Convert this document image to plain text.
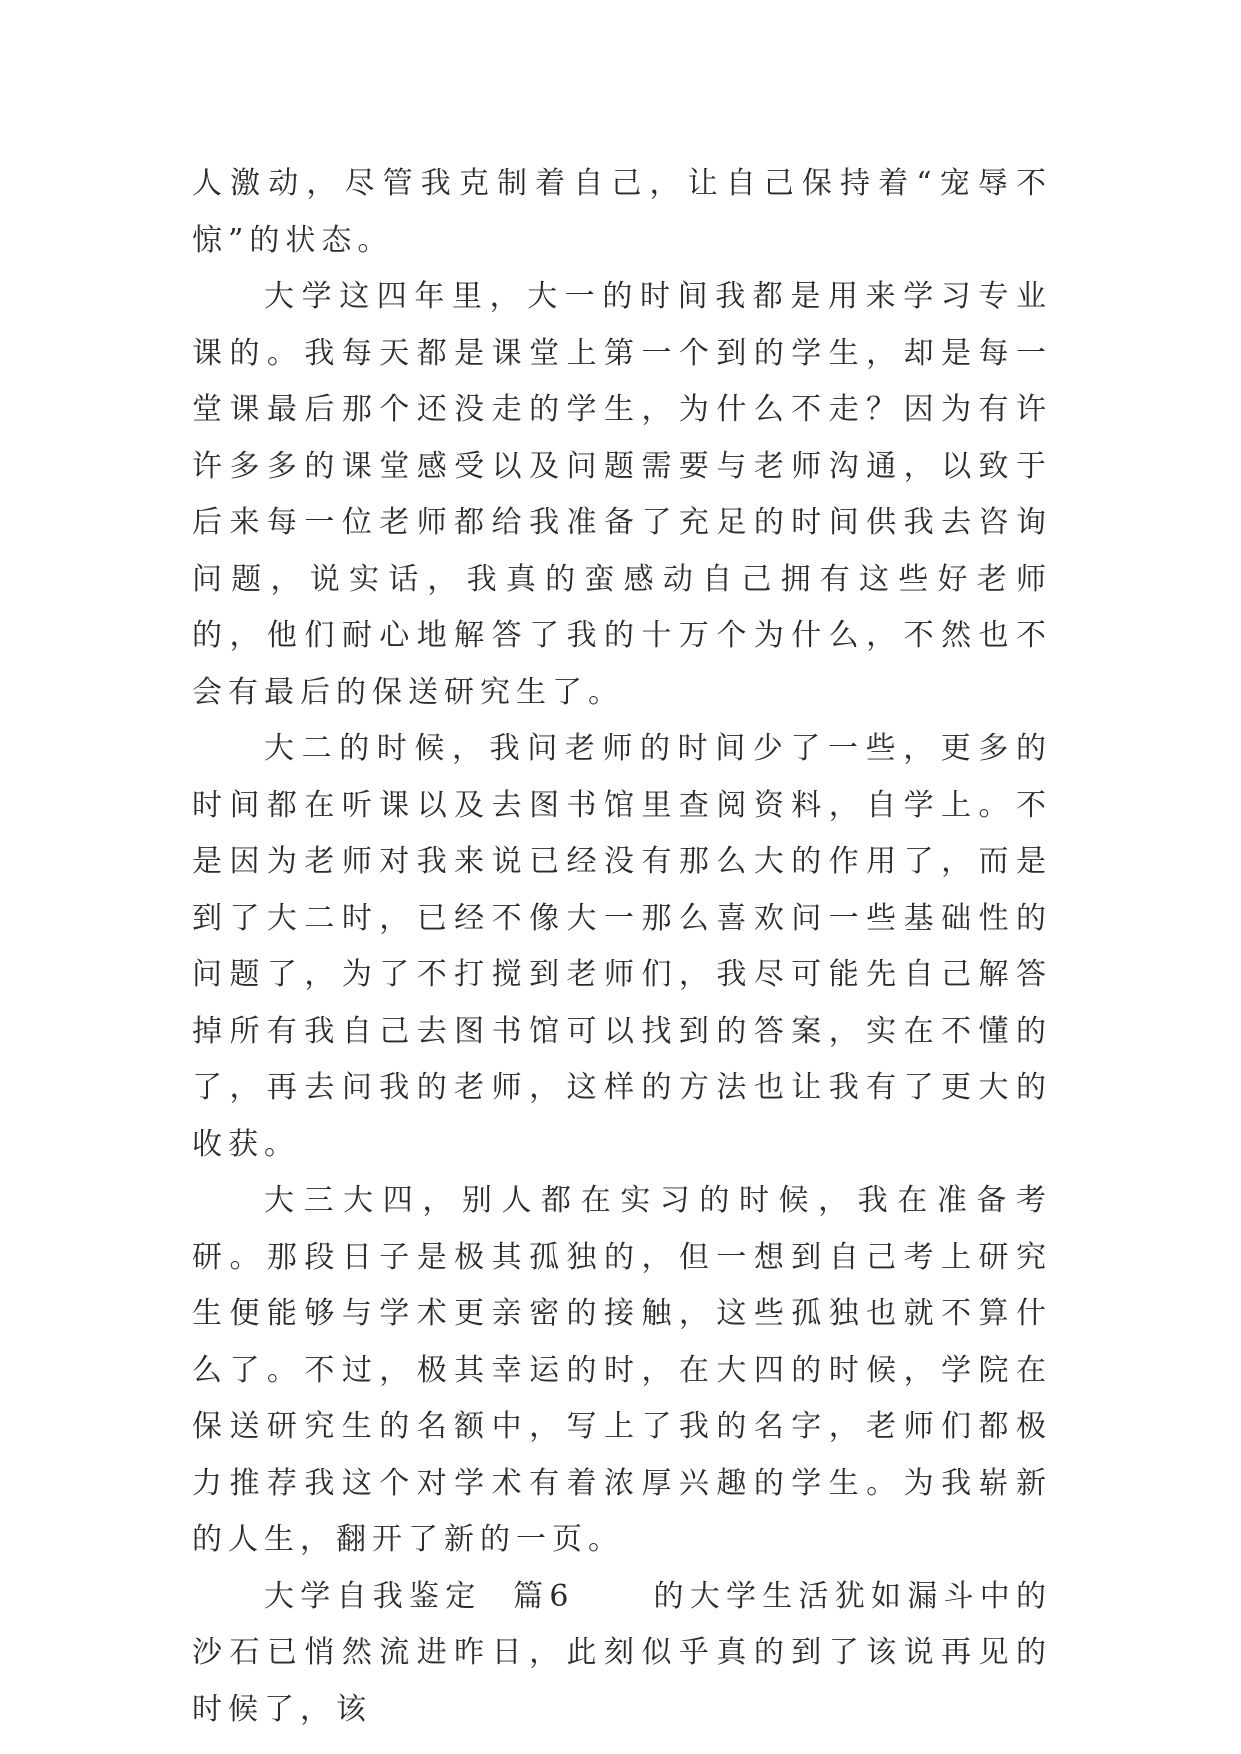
人激动，尽管我克制着自己，让自己保持着“宠辱不惊”的状态。

大学这四年里，大一的时间我都是用来学习专业课的。我每天都是课堂上第一个到的学生，却是每一堂课最后那个还没走的学生，为什么不走？因为有许许多多的课堂感受以及问题需要与老师沟通，以致于后来每一位老师都给我准备了充足的时间供我去咨询问题，说实话，我真的蛮感动自己拥有这些好老师的，他们耐心地解答了我的十万个为什么，不然也不会有最后的保送研究生了。

大二的时候，我问老师的时间少了一些，更多的时间都在听课以及去图书馆里查阅资料，自学上。不是因为老师对我来说已经没有那么大的作用了，而是到了大二时，已经不像大一那么喜欢问一些基础性的问题了，为了不打搅到老师们，我尽可能先自己解答掉所有我自己去图书馆可以找到的答案，实在不懂的了，再去问我的老师，这样的方法也让我有了更大的收获。

大三大四，别人都在实习的时候，我在准备考研。那段日子是极其孤独的，但一想到自己考上研究生便能够与学术更亲密的接触，这些孤独也就不算什么了。不过，极其幸运的时，在大四的时候，学院在保送研究生的名额中，写上了我的名字，老师们都极力推荐我这个对学术有着浓厚兴趣的学生。为我崭新的人生，翻开了新的一页。

大学自我鉴定  篇6     的大学生活犹如漏斗中的沙石已悄然流进昨日，此刻似乎真的到了该说再见的时候了，该
